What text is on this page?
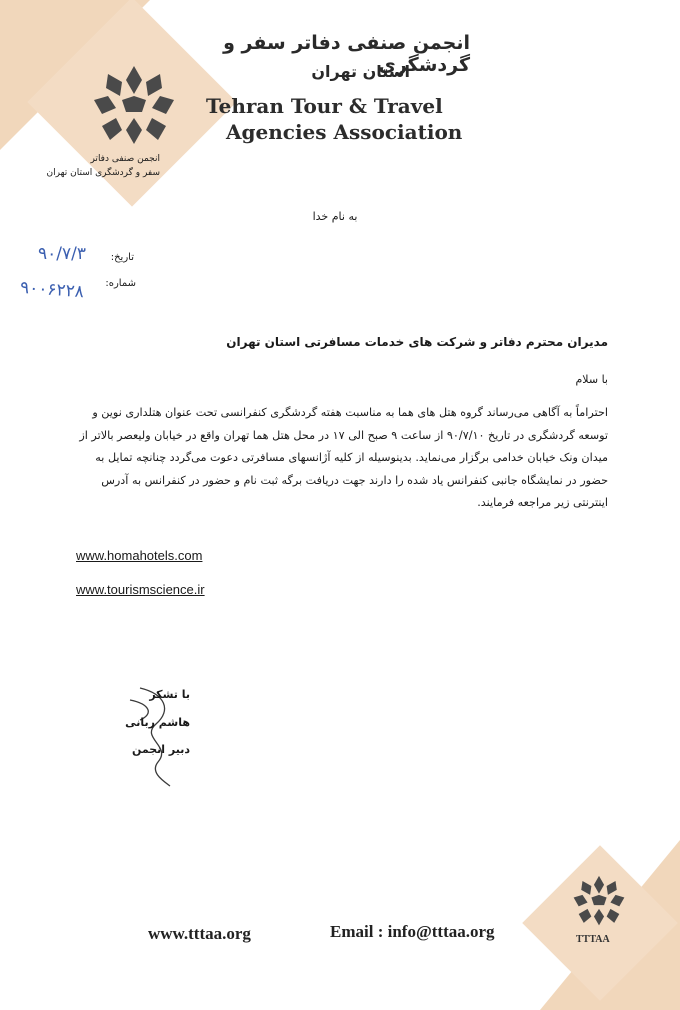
انجمن صنفی دفاتر
سفر و گردشگری استان تهران
انجمن صنفی دفاتر سفر و گردشگری
استان تهران
Tehran Tour & Travel
Agencies Association
به نام خدا
تاریخ:
۹۰/۷/۳
شماره:
۹۰۰۶۲۲۸
مدیران محترم دفاتر و شرکت های خدمات مسافرتی استان تهران
با سلام
احتراماً به آگاهی می‌رساند گروه هتل های هما به مناسبت هفته گردشگری کنفرانسی تحت عنوان هتلداری نوین و
توسعه گردشگری در تاریخ ۹۰/۷/۱۰ از ساعت ۹ صبح الی ۱۷ در محل هتل هما تهران واقع در خیابان ولیعصر بالاتر از
میدان ونک خیابان خدامی برگزار می‌نماید. بدینوسیله از کلیه آژانسهای مسافرتی دعوت می‌گردد چنانچه تمایل به
حضور در نمایشگاه جانبی کنفرانس یاد شده را دارند جهت دریافت برگه ثبت نام و حضور در کنفرانس به آدرس
اینترنتی زیر مراجعه فرمایند.
www.homahotels.com
www.tourismscience.ir
با تشکر
هاشم ربانی
دبیر انجمن
TTTAA
www.tttaa.org	Email : info@tttaa.org
